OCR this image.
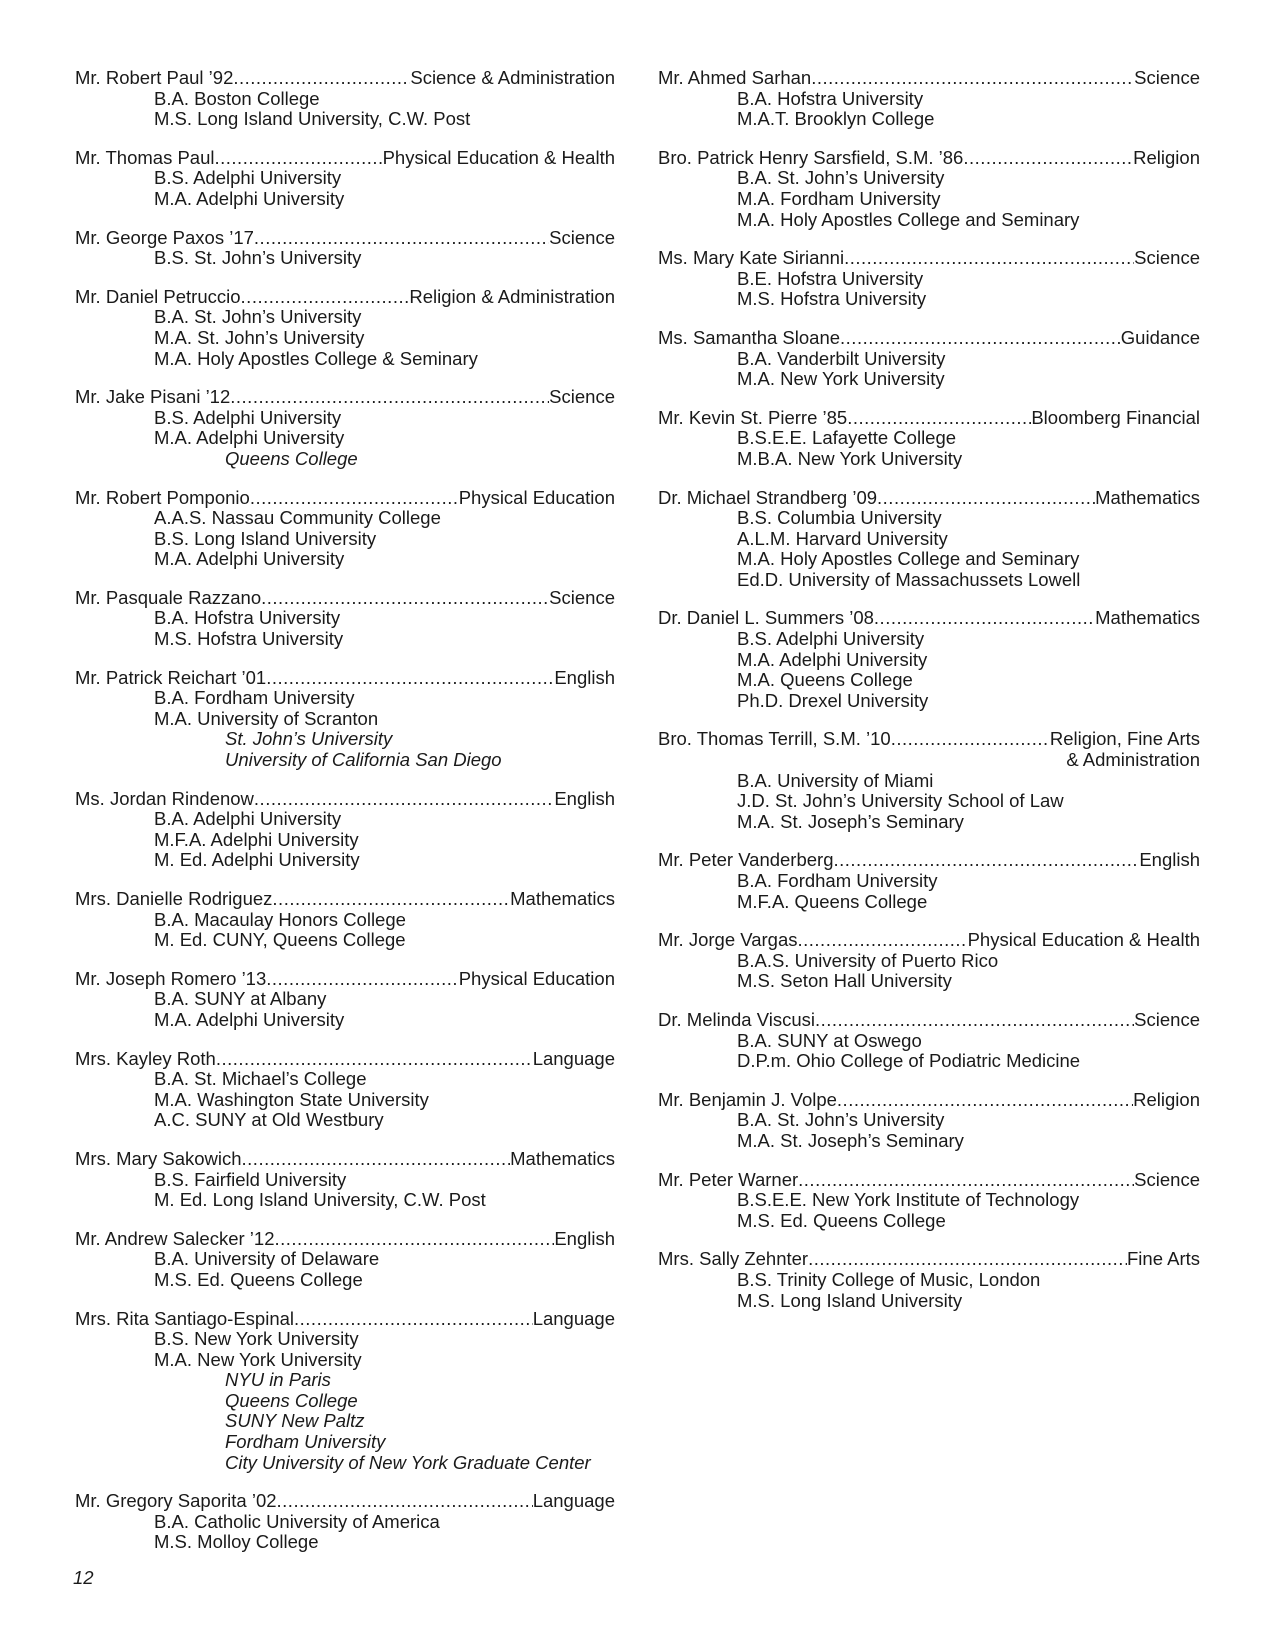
Mr. Robert Paul ’92 .....	Science & Administration
B.A. Boston College
M.S. Long Island University, C.W. Post
Mr. Thomas Paul .....	Physical Education & Health
B.S. Adelphi University
M.A. Adelphi University
Mr. George Paxos ’17 .....	Science
B.S. St. John’s University
Mr. Daniel Petruccio .....	Religion & Administration
B.A. St. John’s University
M.A. St. John’s University
M.A. Holy Apostles College & Seminary
Mr. Jake Pisani ’12 .....	Science
B.S. Adelphi University
M.A. Adelphi University
Queens College
Mr. Robert Pomponio .....	Physical Education
A.A.S. Nassau Community College
B.S. Long Island University
M.A. Adelphi University
Mr. Pasquale Razzano .....	Science
B.A. Hofstra University
M.S. Hofstra University
Mr. Patrick Reichart ’01 .....	English
B.A. Fordham University
M.A. University of Scranton
St. John’s University
University of California San Diego
Ms. Jordan Rindenow .....	English
B.A. Adelphi University
M.F.A. Adelphi University
M. Ed. Adelphi University
Mrs. Danielle Rodriguez .....	Mathematics
B.A. Macaulay Honors College
M. Ed. CUNY, Queens College
Mr. Joseph Romero ’13 .....	Physical Education
B.A. SUNY at Albany
M.A. Adelphi University
Mrs. Kayley Roth .....	Language
B.A. St. Michael’s College
M.A. Washington State University
A.C. SUNY at Old Westbury
Mrs. Mary Sakowich .....	Mathematics
B.S. Fairfield University
M. Ed. Long Island University, C.W. Post
Mr. Andrew Salecker ’12 .....	English
B.A. University of Delaware
M.S. Ed. Queens College
Mrs. Rita Santiago-Espinal .....	Language
B.S. New York University
M.A. New York University
NYU in Paris
Queens College
SUNY New Paltz
Fordham University
City University of New York Graduate Center
Mr. Gregory Saporita ’02 .....	Language
B.A. Catholic University of America
M.S. Molloy College
Mr. Ahmed Sarhan .....	Science
B.A. Hofstra University
M.A.T. Brooklyn College
Bro. Patrick Henry Sarsfield, S.M. ’86 .....	Religion
B.A. St. John’s University
M.A. Fordham University
M.A. Holy Apostles College and Seminary
Ms. Mary Kate Sirianni .....	Science
B.E. Hofstra University
M.S. Hofstra University
Ms. Samantha Sloane .....	Guidance
B.A. Vanderbilt University
M.A. New York University
Mr. Kevin St. Pierre ’85 .....	Bloomberg Financial
B.S.E.E. Lafayette College
M.B.A. New York University
Dr. Michael Strandberg ’09 .....	Mathematics
B.S. Columbia University
A.L.M. Harvard University
M.A. Holy Apostles College and Seminary
Ed.D. University of Massachussets Lowell
Dr. Daniel L. Summers ’08 .....	Mathematics
B.S. Adelphi University
M.A. Adelphi University
M.A. Queens College
Ph.D. Drexel University
Bro. Thomas Terrill, S.M. ’10 .....	Religion, Fine Arts
& Administration
B.A. University of Miami
J.D. St. John’s University School of Law
M.A. St. Joseph’s Seminary
Mr. Peter Vanderberg .....	English
B.A. Fordham University
M.F.A. Queens College
Mr. Jorge Vargas .....	Physical Education & Health
B.A.S. University of Puerto Rico
M.S. Seton Hall University
Dr. Melinda Viscusi .....	Science
B.A. SUNY at Oswego
D.P.m. Ohio College of Podiatric Medicine
Mr. Benjamin J. Volpe .....	Religion
B.A. St. John’s University
M.A. St. Joseph’s Seminary
Mr. Peter Warner .....	Science
B.S.E.E. New York Institute of Technology
M.S. Ed. Queens College
Mrs. Sally Zehnter .....	Fine Arts
B.S. Trinity College of Music, London
M.S. Long Island University
12
